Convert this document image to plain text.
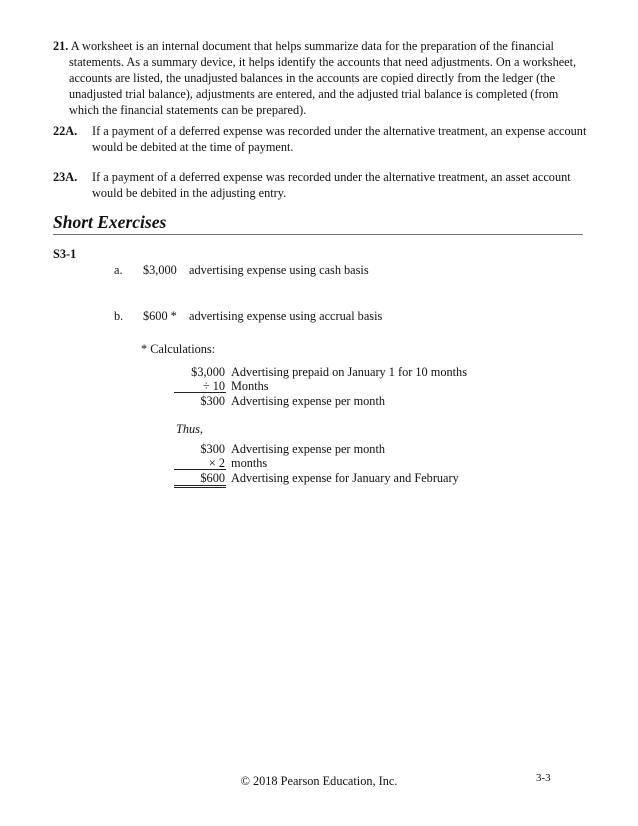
21. A worksheet is an internal document that helps summarize data for the preparation of the financial
statements. As a summary device, it helps identify the accounts that need adjustments. On a worksheet, accounts are listed, the unadjusted balances in the accounts are copied directly from the ledger (the unadjusted trial balance), adjustments are entered, and the adjusted trial balance is completed (from which the financial statements can be prepared).
22A. If a payment of a deferred expense was recorded under the alternative treatment, an expense account would be debited at the time of payment.
23A. If a payment of a deferred expense was recorded under the alternative treatment, an asset account would be debited in the adjusting entry.
Short Exercises
S3-1
a. $3,000 advertising expense using cash basis
b. $600 * advertising expense using accrual basis
* Calculations:
$3,000 Advertising prepaid on January 1 for 10 months
÷ 10 Months
$300 Advertising expense per month
Thus,
$300 Advertising expense per month
× 2 months
$600 Advertising expense for January and February
© 2018 Pearson Education, Inc.	3-3
